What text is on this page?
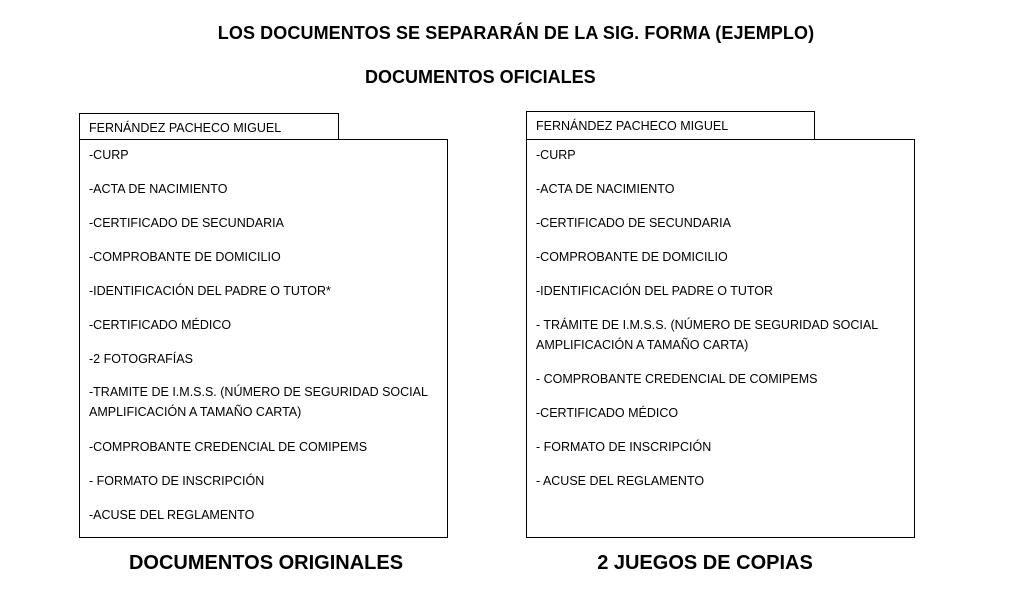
LOS DOCUMENTOS SE SEPARARÁN DE LA SIG. FORMA (EJEMPLO)
DOCUMENTOS OFICIALES
FERNÁNDEZ PACHECO MIGUEL
-CURP
-ACTA DE NACIMIENTO
-CERTIFICADO DE SECUNDARIA
-COMPROBANTE DE DOMICILIO
-IDENTIFICACIÓN DEL PADRE O TUTOR*
-CERTIFICADO MÉDICO
-2 FOTOGRAFÍAS
-TRAMITE DE I.M.S.S. (NÚMERO DE SEGURIDAD SOCIAL AMPLIFICACIÓN A TAMAÑO CARTA)
-COMPROBANTE CREDENCIAL DE COMIPEMS
- FORMATO DE INSCRIPCIÓN
-ACUSE DEL REGLAMENTO
DOCUMENTOS ORIGINALES
FERNÁNDEZ PACHECO MIGUEL
-CURP
-ACTA DE NACIMIENTO
-CERTIFICADO DE SECUNDARIA
-COMPROBANTE DE DOMICILIO
-IDENTIFICACIÓN DEL PADRE O TUTOR
- TRÁMITE DE I.M.S.S. (NÚMERO DE SEGURIDAD SOCIAL AMPLIFICACIÓN A TAMAÑO CARTA)
- COMPROBANTE CREDENCIAL DE COMIPEMS
-CERTIFICADO MÉDICO
- FORMATO DE INSCRIPCIÓN
- ACUSE DEL REGLAMENTO
2 JUEGOS DE COPIAS
